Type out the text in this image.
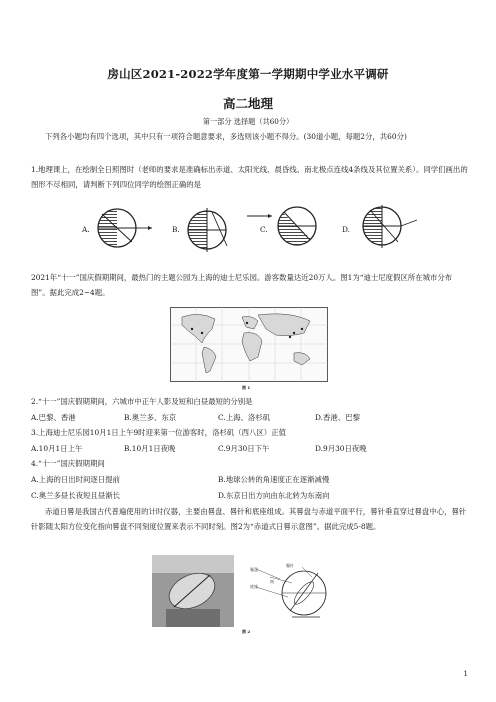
房山区2021-2022学年度第一学期期中学业水平调研
高二地理
第一部分 选择题（共60分）
下列各小题均有四个选项，其中只有一项符合题意要求，多选则该小题不得分。(30道小题，每题2分，共60分)
1.地理课上，在绘制全日照图时（老师的要求是准确标出赤道、太阳光线、晨昏线、南北极点连线4条线及其位置关系）。同学们画出的图形不尽相同，请判断下列四位同学的绘图正确的是
A.	B.	C.	D.
2021年“十一”国庆假期期间，最热门的主题公园为上海的迪士尼乐园。游客数量达近20万人。图1为“迪士尼度假区所在城市分布图”。据此完成2~4题。
图 1
2.“十一”国庆假期期间，六城市中正午人影及短和白昼最短的分别是
A.巴黎、香港	B.奥兰多、东京	C.上海、洛杉矶	D.香港、巴黎
3.上海迪士尼乐园10月1日上午9时迎来第一位游客时，洛杉矶（西八区）正值
A.10月1日上午	B.10月1日夜晚	C.9月30日下午	D.9月30日夜晚
4.“十一”国庆假期期间
A.上海的日出时间逐日提前	B.地球公转的角速度正在逐渐减慢
C.奥兰多昼长夜短且昼渐长	D.东京日出方向由东北转为东南向
赤道日晷是我国古代普遍使用的计时仪器，主要由晷盘、晷针和底座组成。其晷盘与赤道平面平行，晷针垂直穿过晷盘中心，晷针针影随太阳方位变化指向晷盘不同刻度位置来表示不同时刻。图2为“赤道式日晷示意图”。据此完成5-8题。
晷盘
晷针
底座
南
图 2
1
